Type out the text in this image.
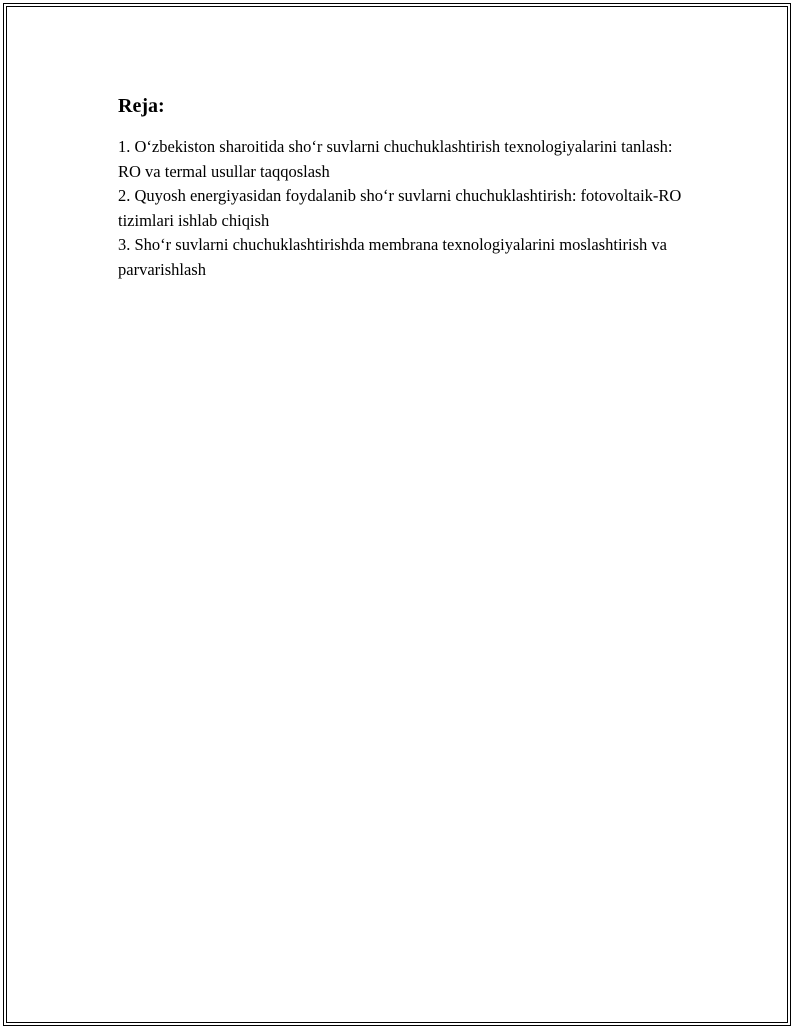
Reja:

1. O‘zbekiston sharoitida sho‘r suvlarni chuchuklashtirish texnologiyalarini tanlash: RO va termal usullar taqqoslash

2. Quyosh energiyasidan foydalanib sho‘r suvlarni chuchuklashtirish: fotovoltaik-RO tizimlari ishlab chiqish

3. Sho‘r suvlarni chuchuklashtirishda membrana texnologiyalarini moslashtirish va parvarishlash
